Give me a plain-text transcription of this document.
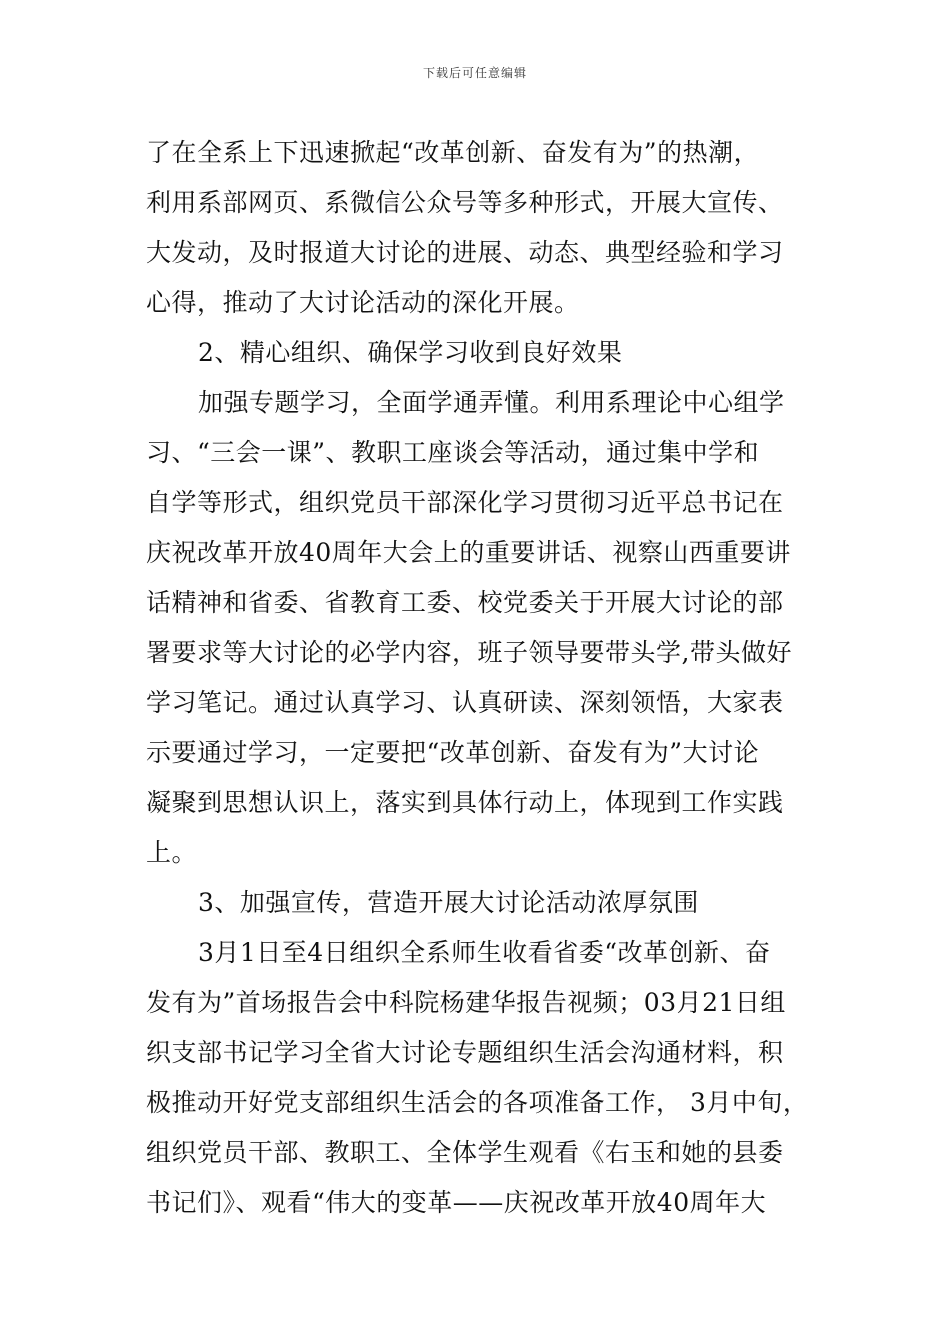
下载后可任意编辑
了在全系上下迅速掀起“改革创新、奋发有为”的热潮，
利用系部网页、系微信公众号等多种形式，开展大宣传、
大发动，及时报道大讨论的进展、动态、典型经验和学习
心得，推动了大讨论活动的深化开展。
2、精心组织、确保学习收到良好效果
加强专题学习，全面学通弄懂。利用系理论中心组学
习、“三会一课”、教职工座谈会等活动，通过集中学和
自学等形式，组织党员干部深化学习贯彻习近平总书记在
庆祝改革开放40周年大会上的重要讲话、视察山西重要讲
话精神和省委、省教育工委、校党委关于开展大讨论的部
署要求等大讨论的必学内容，班子领导要带头学,带头做好
学习笔记。通过认真学习、认真研读、深刻领悟，大家表
示要通过学习，一定要把“改革创新、奋发有为”大讨论
凝聚到思想认识上，落实到具体行动上，体现到工作实践
上。
3、加强宣传，营造开展大讨论活动浓厚氛围
3月1日至4日组织全系师生收看省委“改革创新、奋
发有为”首场报告会中科院杨建华报告视频；03月21日组
织支部书记学习全省大讨论专题组织生活会沟通材料，积
极推动开好党支部组织生活会的各项准备工作， 3月中旬，
组织党员干部、教职工、全体学生观看《右玉和她的县委
书记们》、观看“伟大的变革——庆祝改革开放40周年大
